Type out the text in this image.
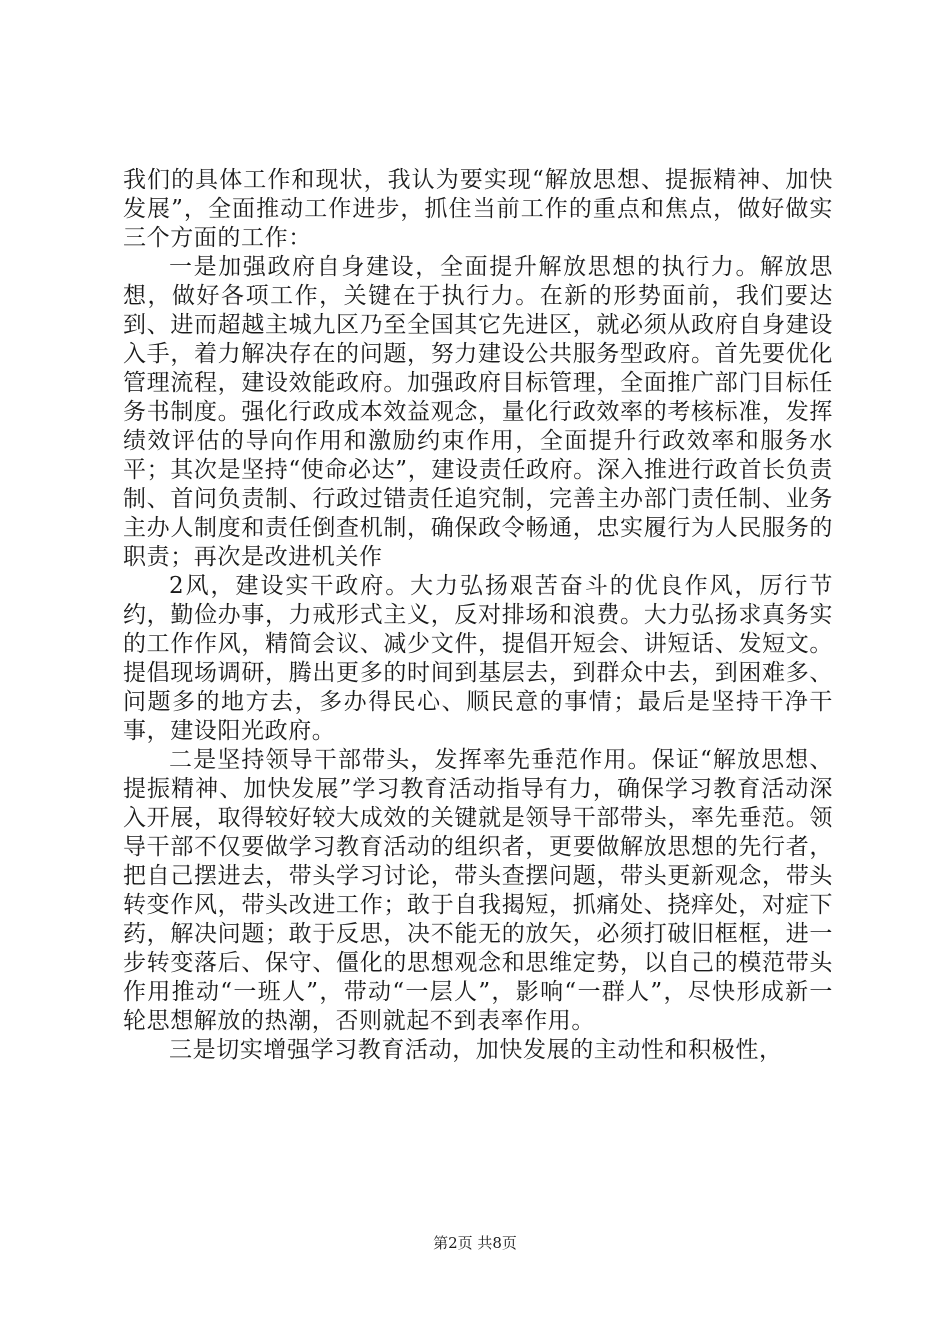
我们的具体工作和现状，我认为要实现“解放思想、提振精神、加快发展”，全面推动工作进步，抓住当前工作的重点和焦点，做好做实三个方面的工作：

一是加强政府自身建设，全面提升解放思想的执行力。解放思想，做好各项工作，关键在于执行力。在新的形势面前，我们要达到、进而超越主城九区乃至全国其它先进区，就必须从政府自身建设入手，着力解决存在的问题，努力建设公共服务型政府。首先要优化管理流程，建设效能政府。加强政府目标管理，全面推广部门目标任务书制度。强化行政成本效益观念，量化行政效率的考核标准，发挥绩效评估的导向作用和激励约束作用，全面提升行政效率和服务水平；其次是坚持“使命必达”，建设责任政府。深入推进行政首长负责制、首问负责制、行政过错责任追究制，完善主办部门责任制、业务主办人制度和责任倒查机制，确保政令畅通，忠实履行为人民服务的职责；再次是改进机关作

2风，建设实干政府。大力弘扬艰苦奋斗的优良作风，厉行节约，勤俭办事，力戒形式主义，反对排场和浪费。大力弘扬求真务实的工作作风，精简会议、减少文件，提倡开短会、讲短话、发短文。提倡现场调研，腾出更多的时间到基层去，到群众中去，到困难多、问题多的地方去，多办得民心、顺民意的事情；最后是坚持干净干事，建设阳光政府。

二是坚持领导干部带头，发挥率先垂范作用。保证“解放思想、提振精神、加快发展”学习教育活动指导有力，确保学习教育活动深入开展，取得较好较大成效的关键就是领导干部带头，率先垂范。领导干部不仅要做学习教育活动的组织者，更要做解放思想的先行者，把自己摆进去，带头学习讨论，带头查摆问题，带头更新观念，带头转变作风，带头改进工作；敢于自我揭短，抓痛处、挠痒处，对症下药，解决问题；敢于反思，决不能无的放矢，必须打破旧框框，进一步转变落后、保守、僵化的思想观念和思维定势，以自己的模范带头作用推动“一班人”，带动“一层人”，影响“一群人”，尽快形成新一轮思想解放的热潮，否则就起不到表率作用。

三是切实增强学习教育活动，加快发展的主动性和积极性，

第2页 共8页
